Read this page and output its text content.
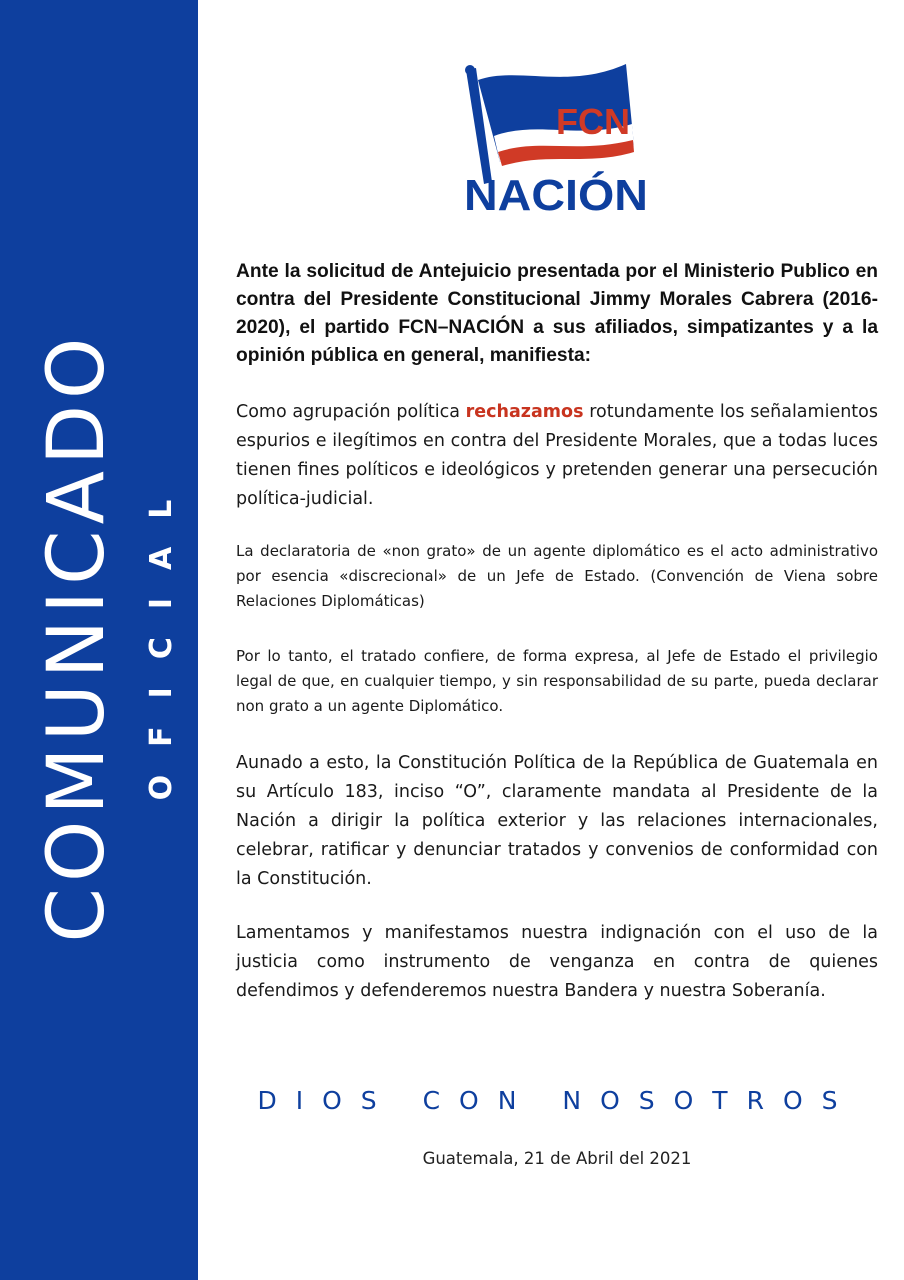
COMUNICADO OFICIAL
FCN
NACIÓN

Ante la solicitud de Antejuicio presentada por el Ministerio Publico en contra del Presidente Constitucional Jimmy Morales Cabrera (2016-2020), el partido FCN–NACIÓN a sus afiliados, simpatizantes y a la opinión pública en general, manifiesta:

Como agrupación política rechazamos rotundamente los señalamientos espurios e ilegítimos en contra del Presidente Morales, que a todas luces tienen fines políticos e ideológicos y pretenden generar una persecución política-judicial.

La declaratoria de «non grato» de un agente diplomático es el acto administrativo por esencia «discrecional» de un Jefe de Estado. (Convención de Viena sobre Relaciones Diplomáticas)

Por lo tanto, el tratado confiere, de forma expresa, al Jefe de Estado el privilegio legal de que, en cualquier tiempo, y sin responsabilidad de su parte, pueda declarar non grato a un agente Diplomático.

Aunado a esto, la Constitución Política de la República de Guatemala en su Artículo 183, inciso “O”, claramente mandata al Presidente de la Nación a dirigir la política exterior y las relaciones internacionales, celebrar, ratificar y denunciar tratados y convenios de conformidad con la Constitución.

Lamentamos y manifestamos nuestra indignación con el uso de la justicia como instrumento de venganza en contra de quienes defendimos y defenderemos nuestra Bandera y nuestra Soberanía.

DIOS CON NOSOTROS
Guatemala, 21 de Abril del 2021
